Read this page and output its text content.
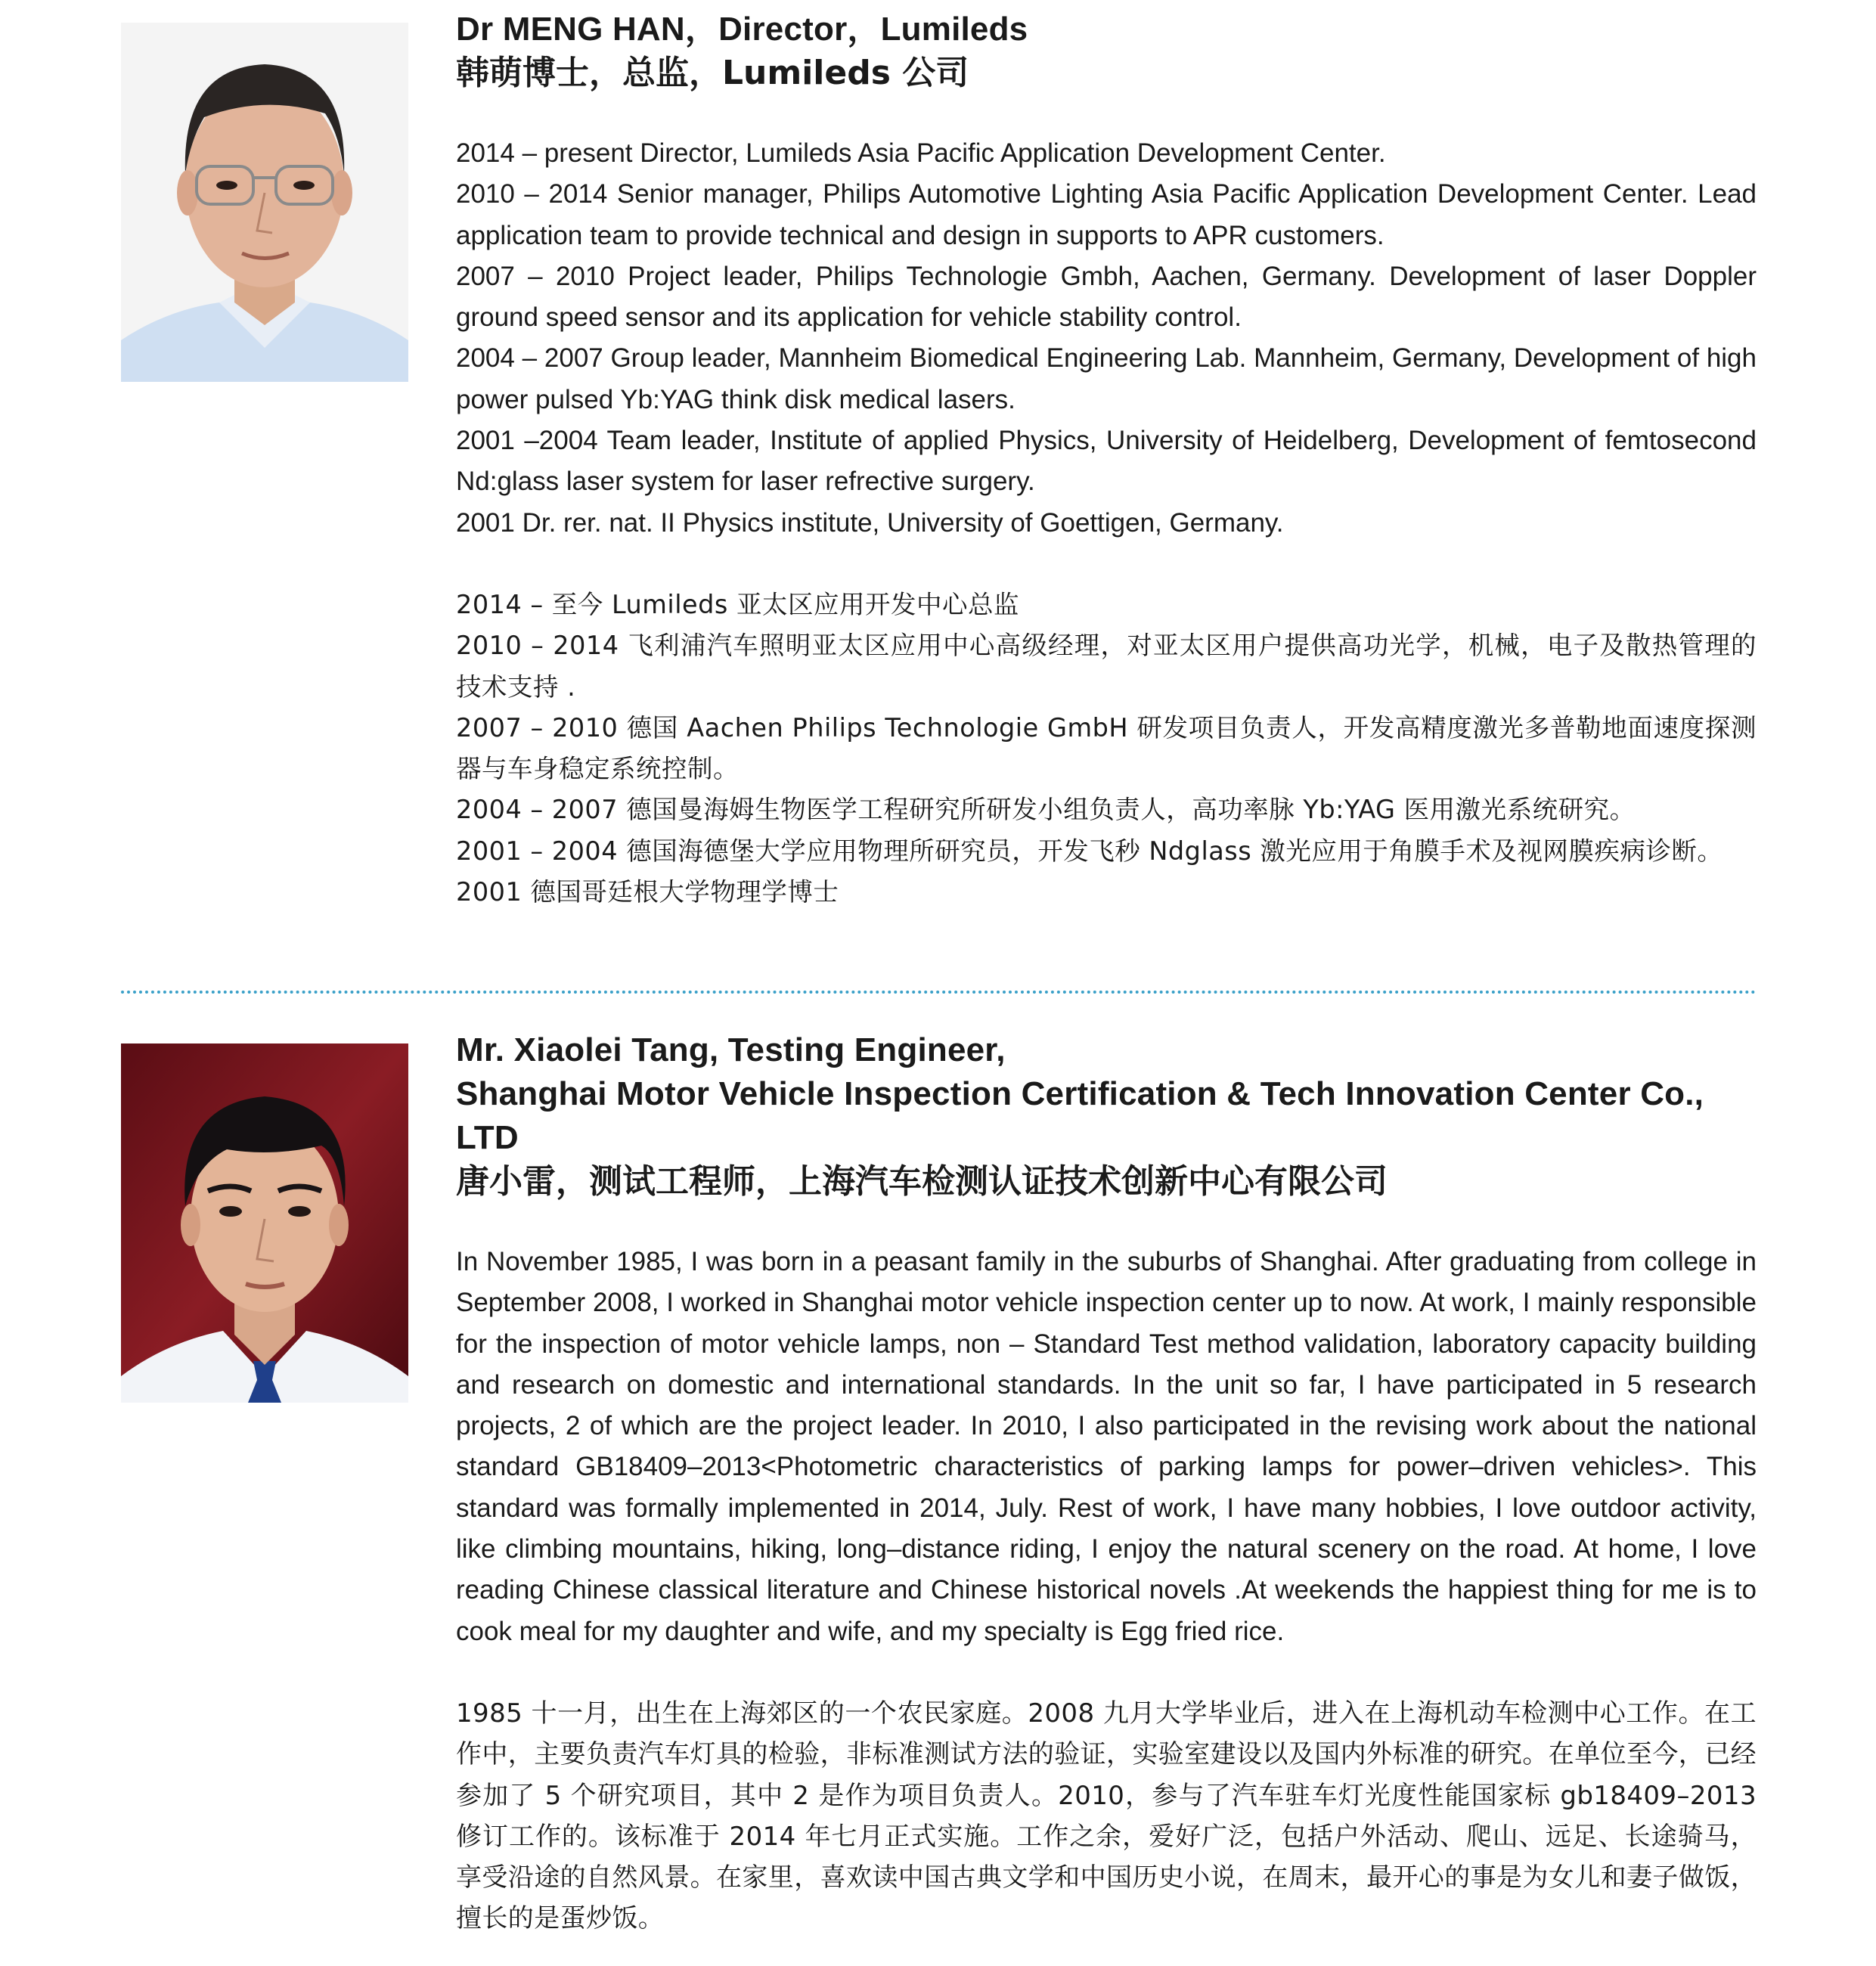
Dr MENG HAN，Director，Lumileds
韩萌博士，总监，Lumileds 公司

2014 – present Director, Lumileds Asia Pacific Application Development Center.

2010 – 2014 Senior manager, Philips Automotive Lighting Asia Pacific Application Development Center. Lead application team to provide technical and design in supports to APR customers.

2007 – 2010 Project leader, Philips Technologie Gmbh, Aachen, Germany. Development of laser Doppler ground speed sensor and its application for vehicle stability control.

2004 – 2007 Group leader, Mannheim Biomedical Engineering Lab. Mannheim, Germany, Development of high power pulsed Yb:YAG think disk medical lasers.

2001 –2004 Team leader, Institute of applied Physics, University of Heidelberg, Development of femtosecond Nd:glass laser system for laser refrective surgery.

2001 Dr. rer. nat. II Physics institute, University of Goettigen, Germany.

2014 – 至今 Lumileds 亚太区应用开发中心总监

2010 – 2014 飞利浦汽车照明亚太区应用中心高级经理，对亚太区用户提供高功光学，机械，电子及散热管理的技术支持 .

2007 – 2010 德国 Aachen Philips Technologie GmbH 研发项目负责人，开发高精度激光多普勒地面速度探测器与车身稳定系统控制。

2004 – 2007 德国曼海姆生物医学工程研究所研发小组负责人，高功率脉 Yb:YAG 医用激光系统研究。

2001 – 2004 德国海德堡大学应用物理所研究员，开发飞秒 Ndglass 激光应用于角膜手术及视网膜疾病诊断。

2001 德国哥廷根大学物理学博士

Mr. Xiaolei Tang, Testing Engineer,
Shanghai Motor Vehicle Inspection Certification & Tech Innovation Center Co., LTD
唐小雷，测试工程师，上海汽车检测认证技术创新中心有限公司

In November 1985, I was born in a peasant family in the suburbs of Shanghai. After graduating from college in September 2008, I worked in Shanghai motor vehicle inspection center up to now. At work, I mainly responsible for the inspection of motor vehicle lamps, non – Standard Test method validation, laboratory capacity building and research on domestic and international standards. In the unit so far, I have participated in 5 research projects, 2 of which are the project leader. In 2010, I also participated in the revising work about the national standard GB18409–2013<Photometric characteristics of parking lamps for power–driven vehicles>. This standard was formally implemented in 2014, July. Rest of work, I have many hobbies, I love outdoor activity, like climbing mountains, hiking, long–distance riding, I enjoy the natural scenery on the road. At home, I love reading Chinese classical literature and Chinese historical novels .At weekends the happiest thing for me is to cook meal for my daughter and wife, and my specialty is Egg fried rice.

1985 十一月，出生在上海郊区的一个农民家庭。2008 九月大学毕业后，进入在上海机动车检测中心工作。在工作中，主要负责汽车灯具的检验，非标准测试方法的验证，实验室建设以及国内外标准的研究。在单位至今，已经参加了 5 个研究项目，其中 2 是作为项目负责人。2010，参与了汽车驻车灯光度性能国家标 gb18409–2013 修订工作的。该标准于 2014 年七月正式实施。工作之余，爱好广泛，包括户外活动、爬山、远足、长途骑马，享受沿途的自然风景。在家里，喜欢读中国古典文学和中国历史小说，在周末，最开心的事是为女儿和妻子做饭，擅长的是蛋炒饭。
